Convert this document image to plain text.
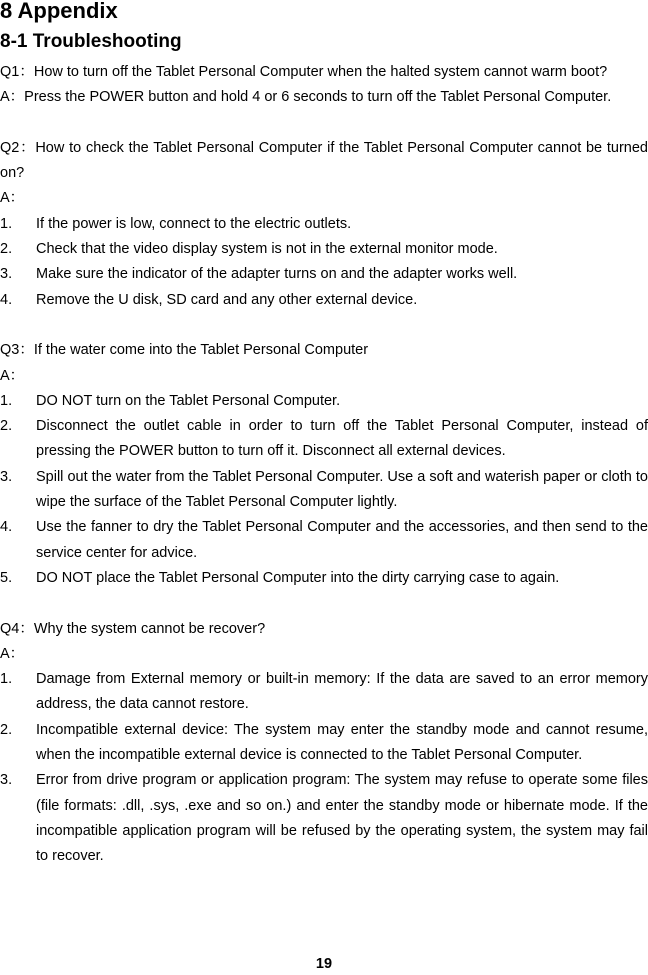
8 Appendix
8-1 Troubleshooting

Q1：How to turn off the Tablet Personal Computer when the halted system cannot warm boot?

A：Press the POWER button and hold 4 or 6 seconds to turn off the Tablet Personal Computer.

Q2：How to check the Tablet Personal Computer if the Tablet Personal Computer cannot be turned on?

A：

1. If the power is low, connect to the electric outlets.
2. Check that the video display system is not in the external monitor mode.
3. Make sure the indicator of the adapter turns on and the adapter works well.
4. Remove the U disk, SD card and any other external device.

Q3：If the water come into the Tablet Personal Computer

A：

1. DO NOT turn on the Tablet Personal Computer.
2. Disconnect the outlet cable in order to turn off the Tablet Personal Computer, instead of pressing the POWER button to turn off it. Disconnect all external devices.
3. Spill out the water from the Tablet Personal Computer. Use a soft and waterish paper or cloth to wipe the surface of the Tablet Personal Computer lightly.
4. Use the fanner to dry the Tablet Personal Computer and the accessories, and then send to the service center for advice.
5. DO NOT place the Tablet Personal Computer into the dirty carrying case to again.

Q4：Why the system cannot be recover?

A：

1. Damage from External memory or built-in memory: If the data are saved to an error memory address, the data cannot restore.
2. Incompatible external device: The system may enter the standby mode and cannot resume, when the incompatible external device is connected to the Tablet Personal Computer.
3. Error from drive program or application program: The system may refuse to operate some files (file formats: .dll, .sys, .exe and so on.) and enter the standby mode or hibernate mode. If the incompatible application program will be refused by the operating system, the system may fail to recover.
19
